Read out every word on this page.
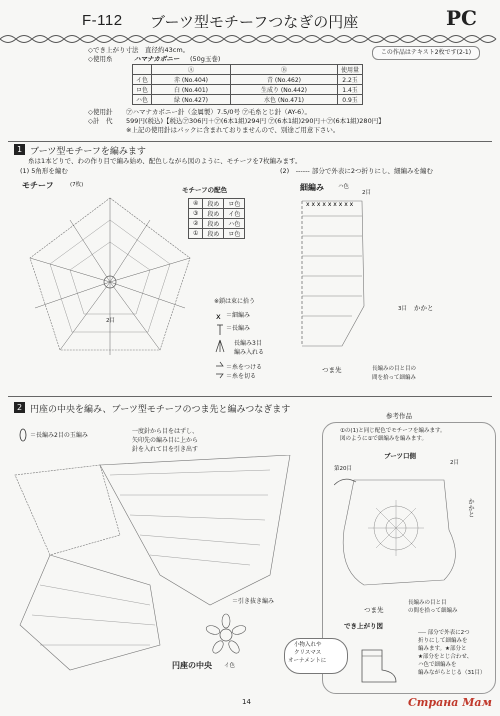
F-112 ブーツ型モチーフつなぎの円座	PC
この作品はテキスト2枚です(2-1)
◇でき上がり寸法　直径約43cm。
◇使用糸	ハマナカボニー (50g玉巻)
	Ⓐ	Ⓑ	使用量
イ色	赤 (No.404)	青 (No.462)	2.2玉
ロ色	白 (No.401)	生成り (No.442)	1.4玉
ハ色	緑 (No.427)	水色 (No.471)	0.9玉
◇使用針 ㋐ハマナカボニー針（金属製）7.5/0号 ㋐毛糸とじ針（AY-6）。
◇計　代 599円(税込)【税込㋐306円＋㋐(6本1組)294円 ㋐(6本1組)290円＋㋐(6本1組)280円】
※上記の使用針はパックに含まれておりませんので、別途ご用意下さい。
1 ブーツ型モチーフを編みます
糸は1本どりで、わの作り目で編み始め、配色しながら図のように、モチーフを7枚編みます。
(1) 5角形を編む	(2)　------ 部分で外表に2つ折りにし、細編みを編む
モチーフ	(7枚)
2目
モチーフの配色
④	段め	ロ色
③	段め	イ色
②	段め	ハ色
①	段め	ロ色
※鎖は束に拾う
＝細編み
＝長編み
長編み3目
編み入れる
＝糸をつける
＝糸を切る
x
細編み	ハ色
2目
x x x x x x x x x
3目 かかと
つま先	長編みの目と目の
間を拾って細編み
2 円座の中央を編み、ブーツ型モチーフのつま先と編みつなぎます
＝長編み2目の玉編み
一度針から目をはずし、
矢印先の編み目に上から
針を入れて目を引き出す
＝引き抜き編み
円座の中央 イ色
参考作品
①の(1)と同じ配色でモチーフを編みます。
図のように①で細編みを編みます。
ブーツ口側
第20目
2目
かかと
つま先
長編みの目と目
の間を拾って細編み
でき上がり図
---- 部分で外表に2つ
折りにして細編みを
編みます。★部分と
★部分をとじ合わせ、
ハ色で細編みを
編みながらとじる（31目）
小物入れや
クリスマス
オーナメントに
14	Страна Мам
